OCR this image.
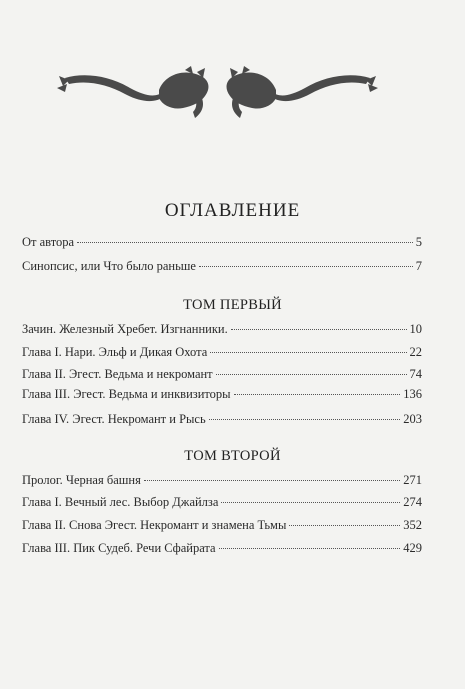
ОГЛАВЛЕНИЕ
От автора	5
Синопсис, или Что было раньше	7
ТОМ ПЕРВЫЙ
Зачин. Железный Хребет. Изгнанники.	10
Глава I. Нари. Эльф и Дикая Охота	22
Глава II. Эгест. Ведьма и некромант	74
Глава III. Эгест. Ведьма и инквизиторы	136
Глава IV. Эгест. Некромант и Рысь	203
ТОМ ВТОРОЙ
Пролог. Черная башня	271
Глава I. Вечный лес. Выбор Джайлза	274
Глава II. Снова Эгест. Некромант и знамена Тьмы	352
Глава III. Пик Судеб. Речи Сфайрата	429
